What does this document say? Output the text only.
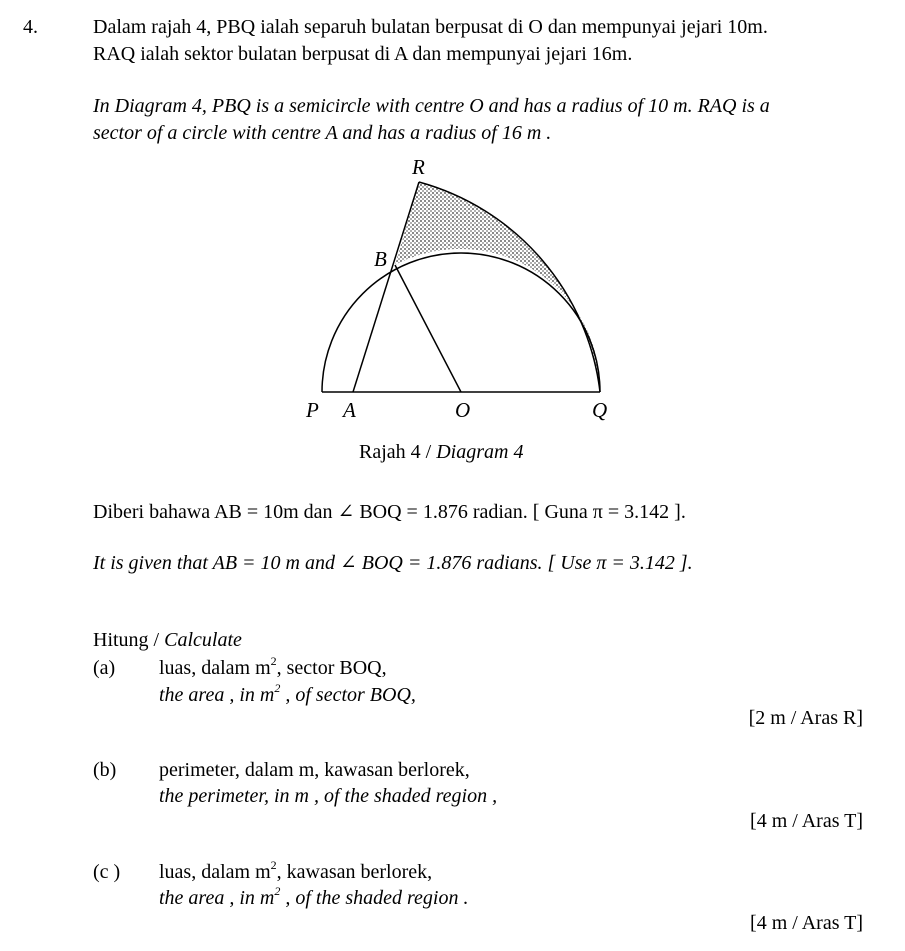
4.	Dalam rajah 4, PBQ ialah separuh bulatan berpusat di O dan mempunyai jejari 10m.
RAQ ialah sektor bulatan berpusat di A dan mempunyai jejari 16m.
In Diagram 4, PBQ is a semicircle with centre O and has a radius of 10 m. RAQ is a
sector of a circle with centre A and has a radius of 16 m .
R
B
P A	O	Q
Rajah 4 / Diagram 4
Diberi bahawa AB = 10m dan ∠ BOQ = 1.876 radian. [ Guna π = 3.142 ].
It is given that AB = 10 m and ∠ BOQ = 1.876 radians. [ Use π = 3.142 ].
Hitung / Calculate
(a) luas, dalam $m^2$, sector BOQ,
the area , in $m^2$ , of sector BOQ,
[2 m / Aras R]
(b) perimeter, dalam m, kawasan berlorek,
the perimeter, in m , of the shaded region ,
[4 m / Aras T]
(c ) luas, dalam $m^2$, kawasan berlorek,
the area , in $m^2$ , of the shaded region .
[4 m / Aras T]
